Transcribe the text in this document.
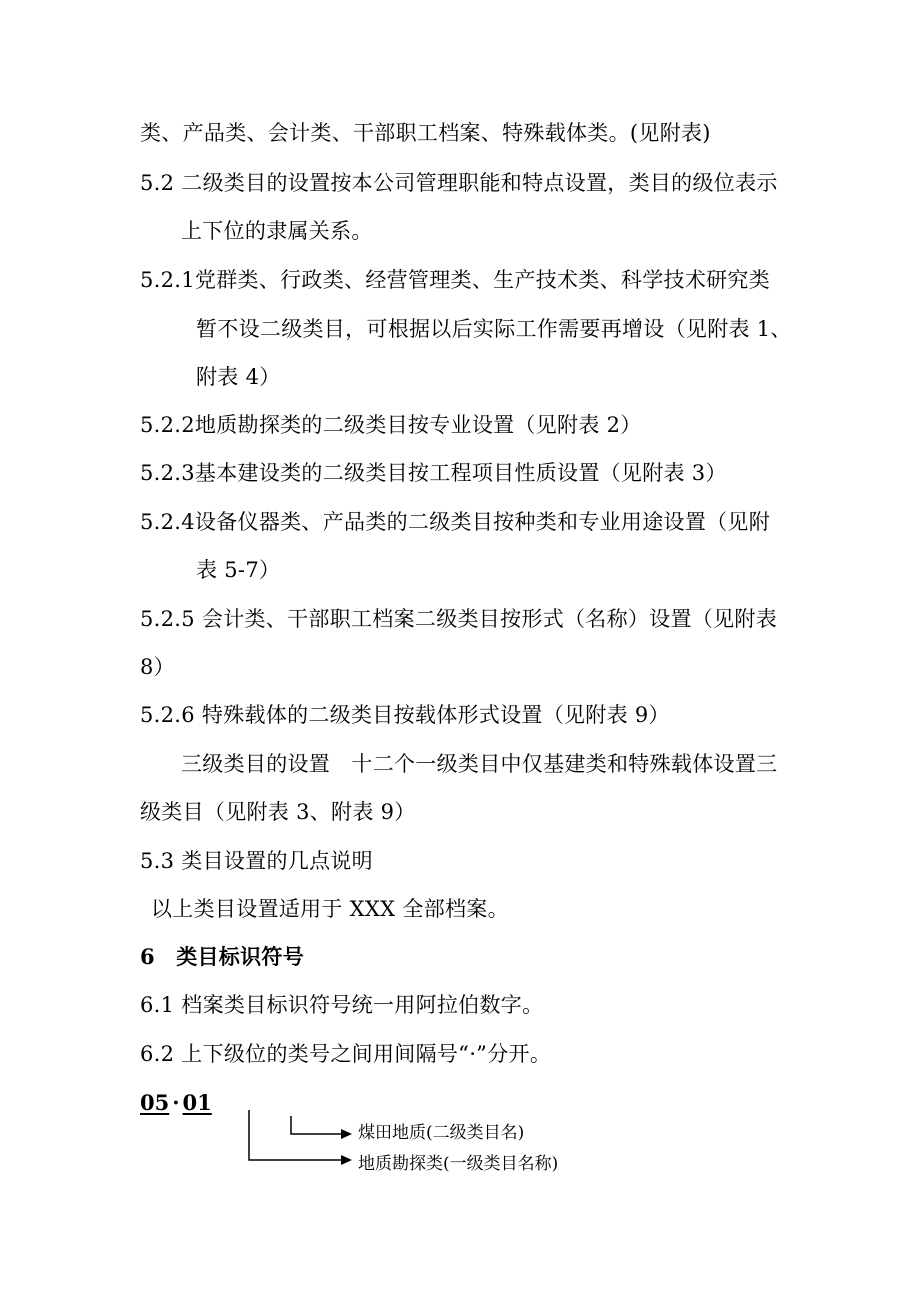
类、产品类、会计类、干部职工档案、特殊载体类。(见附表)
5.2 二级类目的设置按本公司管理职能和特点设置，类目的级位表示
上下位的隶属关系。
5.2.1党群类、行政类、经营管理类、生产技术类、科学技术研究类
暂不设二级类目，可根据以后实际工作需要再增设（见附表 1、
附表 4）
5.2.2地质勘探类的二级类目按专业设置（见附表 2）
5.2.3基本建设类的二级类目按工程项目性质设置（见附表 3）
5.2.4设备仪器类、产品类的二级类目按种类和专业用途设置（见附
表 5-7）
5.2.5 会计类、干部职工档案二级类目按形式（名称）设置（见附表
8）
5.2.6 特殊载体的二级类目按载体形式设置（见附表 9）
三级类目的设置　十二个一级类目中仅基建类和特殊载体设置三
级类目（见附表 3、附表 9）
5.3 类目设置的几点说明
以上类目设置适用于 XXX 全部档案。
6　类目标识符号
6.1 档案类目标识符号统一用阿拉伯数字。
6.2 上下级位的类号之间用间隔号“·”分开。
05 · 01
煤田地质(二级类目名)
地质勘探类(一级类目名称)
